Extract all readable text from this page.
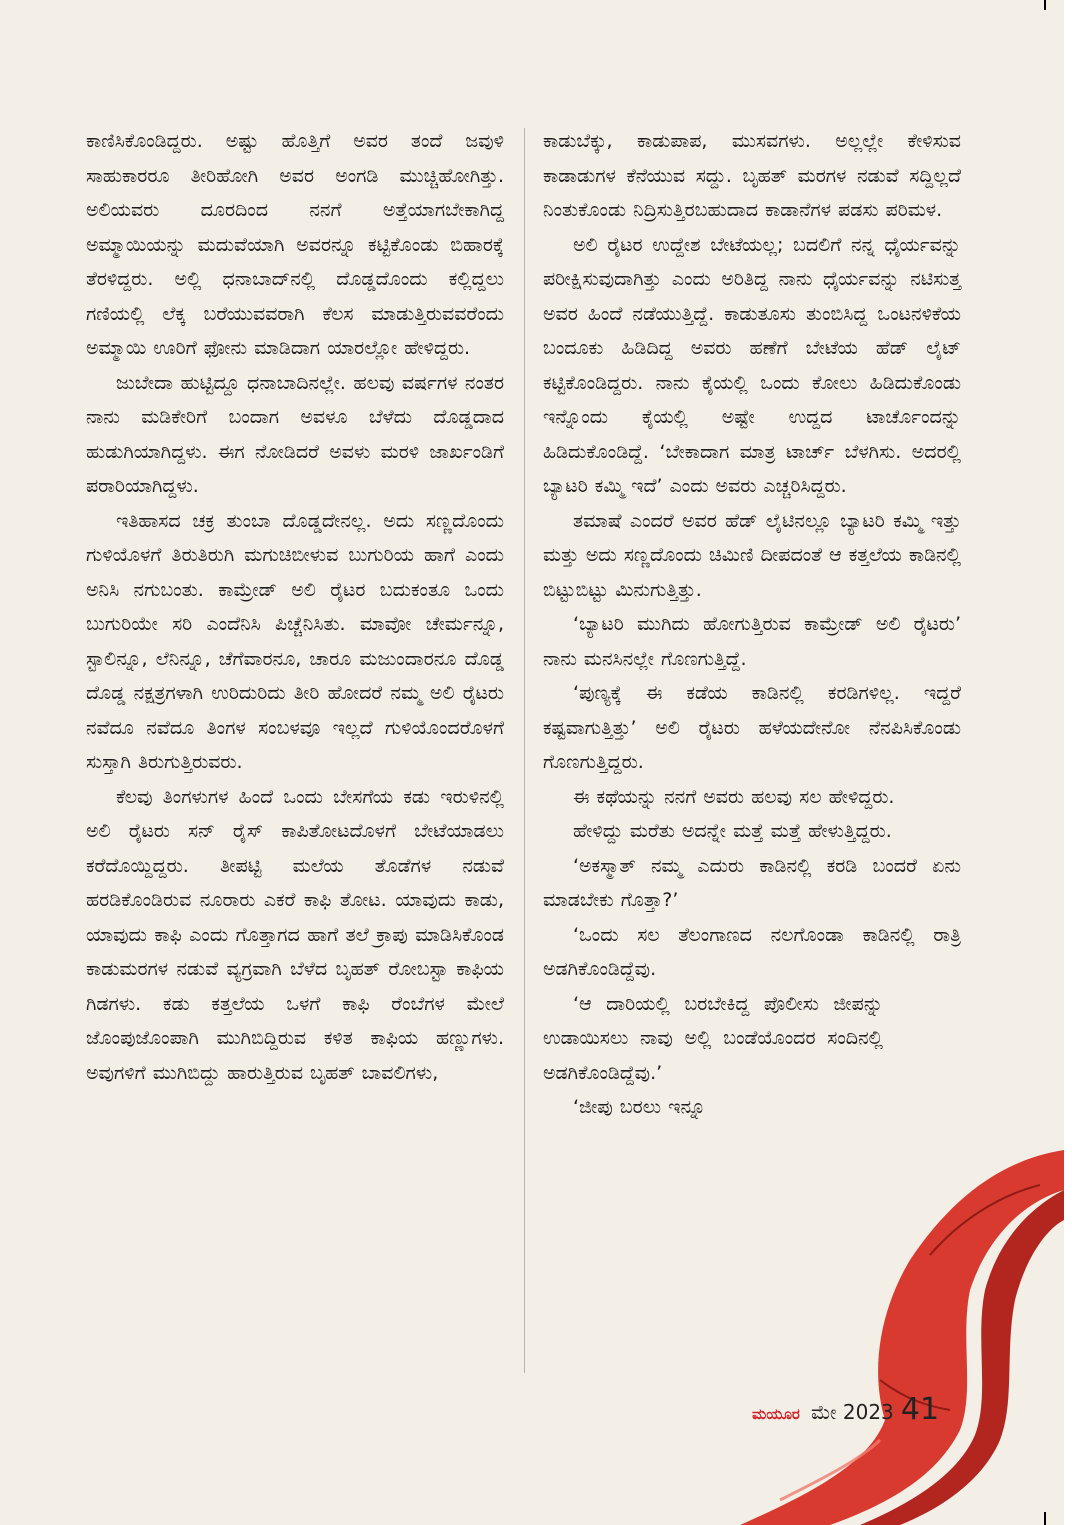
ಕಾಣಿಸಿಕೊಂಡಿದ್ದರು. ಅಷ್ಟು ಹೊತ್ತಿಗೆ ಅವರ ತಂದೆ ಜವುಳಿ ಸಾಹುಕಾರರೂ ತೀರಿಹೋಗಿ ಅವರ ಅಂಗಡಿ ಮುಚ್ಚಿಹೋಗಿತ್ತು. ಅಲಿಯವರು ದೂರದಿಂದ ನನಗೆ ಅತ್ತೆಯಾಗಬೇಕಾಗಿದ್ದ ಅಮ್ಮಾಯಿಯನ್ನು ಮದುವೆಯಾಗಿ ಅವರನ್ನೂ ಕಟ್ಟಿಕೊಂಡು ಬಿಹಾರಕ್ಕೆ ತೆರಳಿದ್ದರು. ಅಲ್ಲಿ ಧನಾಬಾದ್‌ನಲ್ಲಿ ದೊಡ್ಡದೊಂದು ಕಲ್ಲಿದ್ದಲು ಗಣಿಯಲ್ಲಿ ಲೆಕ್ಕ ಬರೆಯುವವರಾಗಿ ಕೆಲಸ ಮಾಡುತ್ತಿರುವವರೆಂದು ಅಮ್ಮಾಯಿ ಊರಿಗೆ ಫೋನು ಮಾಡಿದಾಗ ಯಾರಲ್ಲೋ ಹೇಳಿದ್ದರು.

ಜುಬೇದಾ ಹುಟ್ಟಿದ್ದೂ ಧನಾಬಾದಿನಲ್ಲೇ. ಹಲವು ವರ್ಷಗಳ ನಂತರ ನಾನು ಮಡಿಕೇರಿಗೆ ಬಂದಾಗ ಅವಳೂ ಬೆಳೆದು ದೊಡ್ಡದಾದ ಹುಡುಗಿಯಾಗಿದ್ದಳು. ಈಗ ನೋಡಿದರೆ ಅವಳು ಮರಳಿ ಜಾರ್ಖಂಡಿಗೆ ಪರಾರಿಯಾಗಿದ್ದಳು.

ಇತಿಹಾಸದ ಚಕ್ರ ತುಂಬಾ ದೊಡ್ಡದೇನಲ್ಲ. ಅದು ಸಣ್ಣದೊಂದು ಗುಳಿಯೊಳಗೆ ತಿರುತಿರುಗಿ ಮಗುಚಿಬೀಳುವ ಬುಗುರಿಯ ಹಾಗೆ ಎಂದು ಅನಿಸಿ ನಗುಬಂತು. ಕಾಮ್ರೇಡ್ ಅಲಿ ರೈಟರ ಬದುಕಂತೂ ಒಂದು ಬುಗುರಿಯೇ ಸರಿ ಎಂದೆನಿಸಿ ಪಿಚ್ಚೆನಿಸಿತು. ಮಾವೋ ಚೇರ್ಮನ್ನೂ, ಸ್ಟಾಲಿನ್ನೂ, ಲೆನಿನ್ನೂ, ಚೆಗೆವಾರನೂ, ಚಾರೂ ಮಜುಂದಾರನೂ ದೊಡ್ಡ ದೊಡ್ಡ ನಕ್ಷತ್ರಗಳಾಗಿ ಉರಿದುರಿದು ತೀರಿ ಹೋದರೆ ನಮ್ಮ ಅಲಿ ರೈಟರು ನವೆದೂ ನವೆದೂ ತಿಂಗಳ ಸಂಬಳವೂ ಇಲ್ಲದೆ ಗುಳಿಯೊಂದರೊಳಗೆ ಸುಸ್ತಾಗಿ ತಿರುಗುತ್ತಿರುವರು.

ಕೆಲವು ತಿಂಗಳುಗಳ ಹಿಂದೆ ಒಂದು ಬೇಸಗೆಯ ಕಡು ಇರುಳಿನಲ್ಲಿ ಅಲಿ ರೈಟರು ಸನ್ ರೈಸ್ ಕಾಪಿತೋಟದೊಳಗೆ ಬೇಟೆಯಾಡಲು ಕರೆದೊಯ್ದಿದ್ದರು. ತೀಪಟ್ಟಿ ಮಲೆಯ ತೊಡೆಗಳ ನಡುವೆ ಹರಡಿಕೊಂಡಿರುವ ನೂರಾರು ಎಕರೆ ಕಾಫಿ ತೋಟ. ಯಾವುದು ಕಾಡು, ಯಾವುದು ಕಾಫಿ ಎಂದು ಗೊತ್ತಾಗದ ಹಾಗೆ ತಲೆ ಕ್ರಾಪು ಮಾಡಿಸಿಕೊಂಡ ಕಾಡುಮರಗಳ ನಡುವೆ ವ್ಯಗ್ರವಾಗಿ ಬೆಳೆದ ಬೃಹತ್ ರೋಬಸ್ಟಾ ಕಾಫಿಯ ಗಿಡಗಳು. ಕಡು ಕತ್ತಲೆಯ ಒಳಗೆ ಕಾಫಿ ರೆಂಬೆಗಳ ಮೇಲೆ ಜೊಂಪುಜೊಂಪಾಗಿ ಮುಗಿಬಿದ್ದಿರುವ ಕಳಿತ ಕಾಫಿಯ ಹಣ್ಣುಗಳು. ಅವುಗಳಿಗೆ ಮುಗಿಬಿದ್ದು ಹಾರುತ್ತಿರುವ ಬೃಹತ್ ಬಾವಲಿಗಳು,

ಕಾಡುಬೆಕ್ಕು, ಕಾಡುಪಾಪ, ಮುಸವಗಳು. ಅಲ್ಲಲ್ಲೇ ಕೇಳಿಸುವ ಕಾಡಾಡುಗಳ ಕೆನೆಯುವ ಸದ್ದು. ಬೃಹತ್ ಮರಗಳ ನಡುವೆ ಸದ್ದಿಲ್ಲದೆ ನಿಂತುಕೊಂಡು ನಿದ್ರಿಸುತ್ತಿರಬಹುದಾದ ಕಾಡಾನೆಗಳ ಪಡಸು ಪರಿಮಳ.

ಅಲಿ ರೈಟರ ಉದ್ದೇಶ ಬೇಟೆಯಲ್ಲ; ಬದಲಿಗೆ ನನ್ನ ಧೈರ್ಯವನ್ನು ಪರೀಕ್ಷಿಸುವುದಾಗಿತ್ತು ಎಂದು ಅರಿತಿದ್ದ ನಾನು ಧೈರ್ಯವನ್ನು ನಟಿಸುತ್ತ ಅವರ ಹಿಂದೆ ನಡೆಯುತ್ತಿದ್ದೆ. ಕಾಡುತೂಸು ತುಂಬಿಸಿದ್ದ ಒಂಟನಳಿಕೆಯ ಬಂದೂಕು ಹಿಡಿದಿದ್ದ ಅವರು ಹಣೆಗೆ ಬೇಟೆಯ ಹೆಡ್ ಲೈಟ್ ಕಟ್ಟಿಕೊಂಡಿದ್ದರು. ನಾನು ಕೈಯಲ್ಲಿ ಒಂದು ಕೋಲು ಹಿಡಿದುಕೊಂಡು ಇನ್ನೊಂದು ಕೈಯಲ್ಲಿ ಅಷ್ಟೇ ಉದ್ದದ ಟಾರ್ಚೊಂದನ್ನು ಹಿಡಿದುಕೊಂಡಿದ್ದೆ. ‘ಬೇಕಾದಾಗ ಮಾತ್ರ ಟಾರ್ಚ್ ಬೆಳಗಿಸು. ಅದರಲ್ಲಿ ಬ್ಯಾಟರಿ ಕಮ್ಮಿ ಇದೆ’ ಎಂದು ಅವರು ಎಚ್ಚರಿಸಿದ್ದರು.

ತಮಾಷೆ ಎಂದರೆ ಅವರ ಹೆಡ್ ಲೈಟಿನಲ್ಲೂ ಬ್ಯಾಟರಿ ಕಮ್ಮಿ ಇತ್ತು ಮತ್ತು ಅದು ಸಣ್ಣದೊಂದು ಚಿಮಿಣಿ ದೀಪದಂತೆ ಆ ಕತ್ತಲೆಯ ಕಾಡಿನಲ್ಲಿ ಬಿಟ್ಟುಬಿಟ್ಟು ಮಿನುಗುತ್ತಿತ್ತು.

‘ಬ್ಯಾಟರಿ ಮುಗಿದು ಹೋಗುತ್ತಿರುವ ಕಾಮ್ರೇಡ್ ಅಲಿ ರೈಟರು’ ನಾನು ಮನಸಿನಲ್ಲೇ ಗೊಣಗುತ್ತಿದ್ದೆ.

‘ಪುಣ್ಯಕ್ಕೆ ಈ ಕಡೆಯ ಕಾಡಿನಲ್ಲಿ ಕರಡಿಗಳಿಲ್ಲ. ಇದ್ದರೆ ಕಷ್ಟವಾಗುತ್ತಿತ್ತು’ ಅಲಿ ರೈಟರು ಹಳೆಯದೇನೋ ನೆನಪಿಸಿಕೊಂಡು ಗೊಣಗುತ್ತಿದ್ದರು.

ಈ ಕಥೆಯನ್ನು ನನಗೆ ಅವರು ಹಲವು ಸಲ ಹೇಳಿದ್ದರು.

ಹೇಳಿದ್ದು ಮರೆತು ಅದನ್ನೇ ಮತ್ತೆ ಮತ್ತೆ ಹೇಳುತ್ತಿದ್ದರು.

‘ಅಕಸ್ಮಾತ್ ನಮ್ಮ ಎದುರು ಕಾಡಿನಲ್ಲಿ ಕರಡಿ ಬಂದರೆ ಏನು ಮಾಡಬೇಕು ಗೊತ್ತಾ?’

‘ಒಂದು ಸಲ ತೆಲಂಗಾಣದ ನಲಗೊಂಡಾ ಕಾಡಿನಲ್ಲಿ ರಾತ್ರಿ ಅಡಗಿಕೊಂಡಿದ್ದೆವು.

‘ಆ ದಾರಿಯಲ್ಲಿ ಬರಬೇಕಿದ್ದ ಪೊಲೀಸು ಜೀಪನ್ನು ಉಡಾಯಿಸಲು ನಾವು ಅಲ್ಲಿ ಬಂಡೆಯೊಂದರ ಸಂದಿನಲ್ಲಿ ಅಡಗಿಕೊಂಡಿದ್ದೆವು.’

‘ಜೀಪು ಬರಲು ಇನ್ನೂ

ಮಯೂರ ಮೇ 2023 41
